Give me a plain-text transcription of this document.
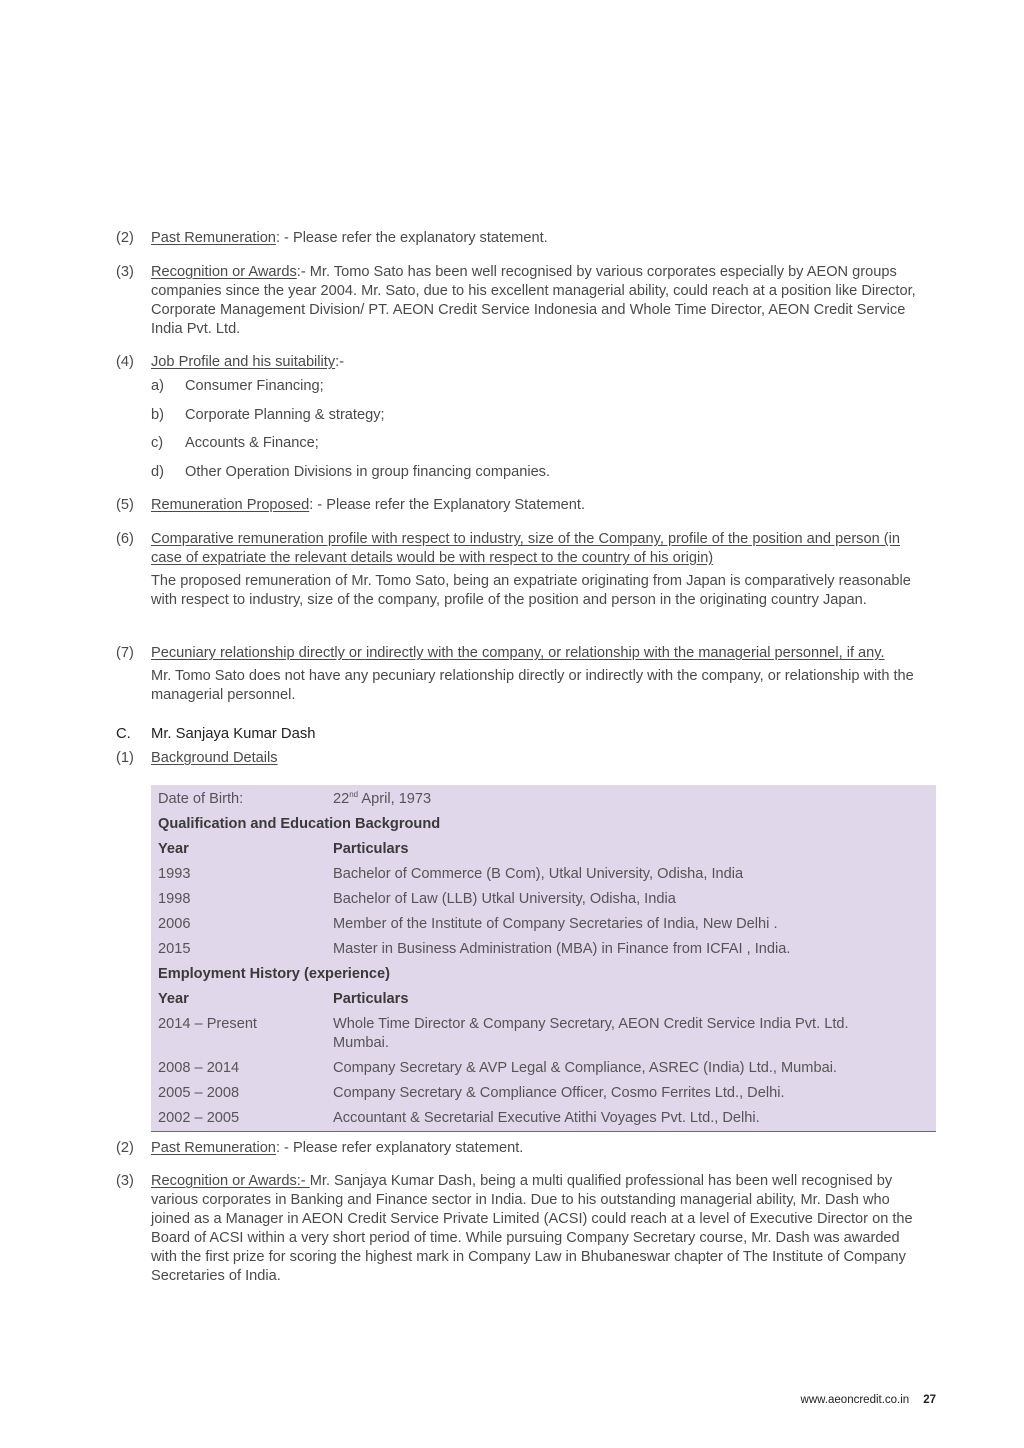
(2)	Past Remuneration: - Please refer the explanatory statement.
(3)	Recognition or Awards:- Mr. Tomo Sato has been well recognised by various corporates especially by AEON groups companies since the year 2004. Mr. Sato, due to his excellent managerial ability, could reach at a position like Director, Corporate Management Division/ PT. AEON Credit Service Indonesia and Whole Time Director, AEON Credit Service India Pvt. Ltd.
(4)	Job Profile and his suitability:-
a) Consumer Financing;
b) Corporate Planning & strategy;
c) Accounts & Finance;
d) Other Operation Divisions in group financing companies.
(5)	Remuneration Proposed: - Please refer the Explanatory Statement.
(6)	Comparative remuneration profile with respect to industry, size of the Company, profile of the position and person (in case of expatriate the relevant details would be with respect to the country of his origin)
The proposed remuneration of Mr. Tomo Sato, being an expatriate originating from Japan is comparatively reasonable with respect to industry, size of the company, profile of the position and person in the originating country Japan.
(7)	Pecuniary relationship directly or indirectly with the company, or relationship with the managerial personnel, if any.
Mr. Tomo Sato does not have any pecuniary relationship directly or indirectly with the company, or relationship with the managerial personnel.
C. Mr. Sanjaya Kumar Dash
(1)	Background Details
Date of Birth:	22nd April, 1973
Qualification and Education Background	
Year	Particulars
1993	Bachelor of Commerce (B Com), Utkal University, Odisha, India
1998	Bachelor of Law (LLB) Utkal University, Odisha, India
2006	Member of the Institute of Company Secretaries of India, New Delhi .
2015	Master in Business Administration (MBA) in Finance from ICFAI , India.
Employment History (experience)	
Year	Particulars
2014 – Present	Whole Time Director & Company Secretary, AEON Credit Service India Pvt. Ltd. Mumbai.
2008 – 2014	Company Secretary & AVP Legal & Compliance, ASREC (India) Ltd., Mumbai.
2005 – 2008	Company Secretary & Compliance Officer, Cosmo Ferrites Ltd., Delhi.
2002 – 2005	Accountant & Secretarial Executive Atithi Voyages Pvt. Ltd., Delhi.
(2)	Past Remuneration: - Please refer explanatory statement.
(3)	Recognition or Awards:- Mr. Sanjaya Kumar Dash, being a multi qualified professional has been well recognised by various corporates in Banking and Finance sector in India. Due to his outstanding managerial ability, Mr. Dash who joined as a Manager in AEON Credit Service Private Limited (ACSI) could reach at a level of Executive Director on the Board of ACSI within a very short period of time. While pursuing Company Secretary course, Mr. Dash was awarded with the first prize for scoring the highest mark in Company Law in Bhubaneswar chapter of The Institute of Company Secretaries of India.
www.aeoncredit.co.in 27
